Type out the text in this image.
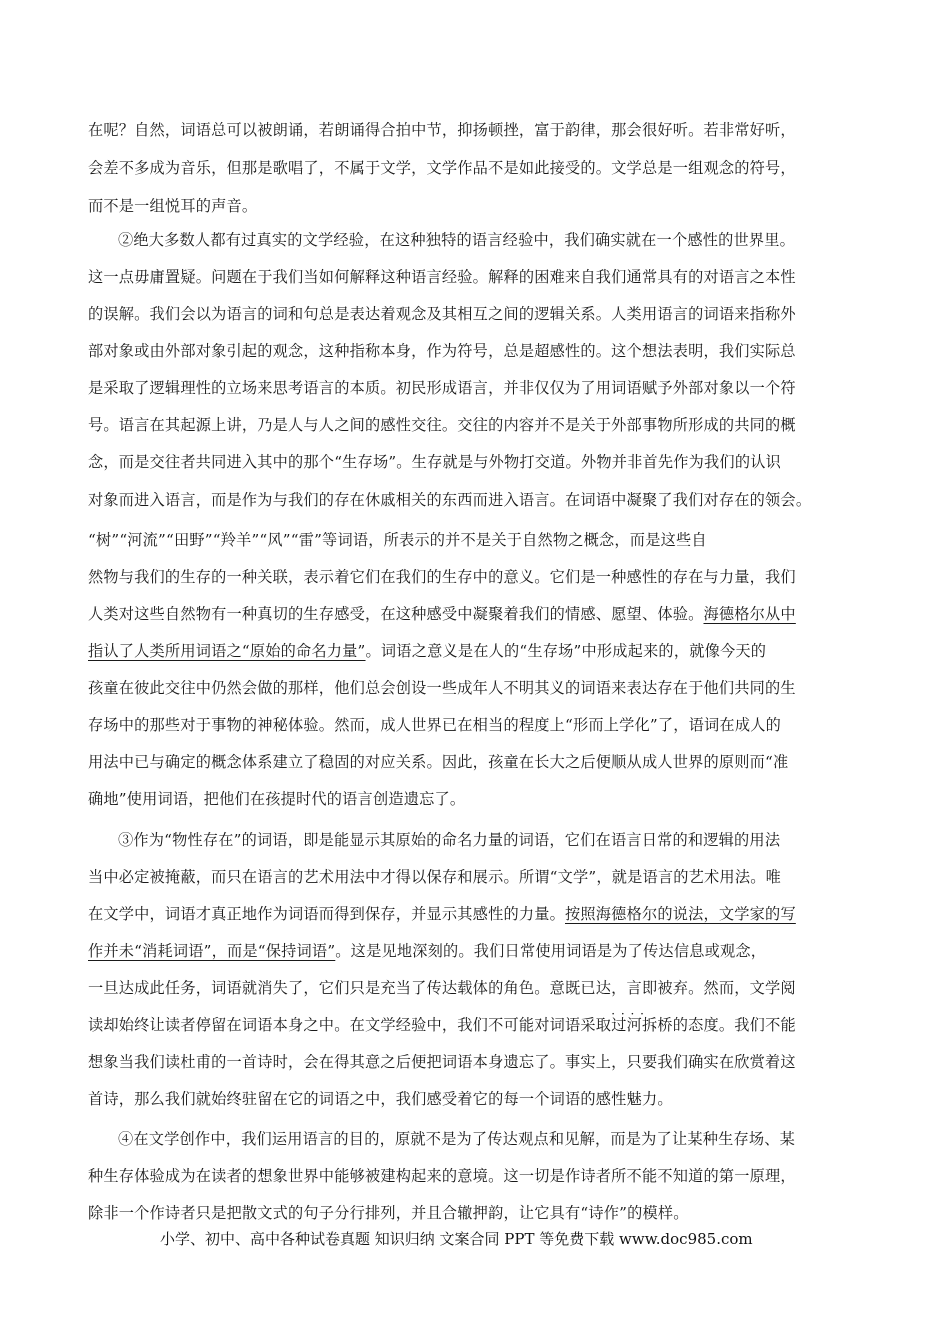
在呢？自然，词语总可以被朗诵，若朗诵得合拍中节，抑扬顿挫，富于韵律，那会很好听。若非常好听，
会差不多成为音乐，但那是歌唱了，不属于文学，文学作品不是如此接受的。文学总是一组观念的符号，
而不是一组悦耳的声音。
②绝大多数人都有过真实的文学经验，在这种独特的语言经验中，我们确实就在一个感性的世界里。
这一点毋庸置疑。问题在于我们当如何解释这种语言经验。解释的困难来自我们通常具有的对语言之本性
的误解。我们会以为语言的词和句总是表达着观念及其相互之间的逻辑关系。人类用语言的词语来指称外
部对象或由外部对象引起的观念，这种指称本身，作为符号，总是超感性的。这个想法表明，我们实际总
是采取了逻辑理性的立场来思考语言的本质。初民形成语言，并非仅仅为了用词语赋予外部对象以一个符
号。语言在其起源上讲，乃是人与人之间的感性交往。交往的内容并不是关于外部事物所形成的共同的概
念，而是交往者共同进入其中的那个“生存场”。生存就是与外物打交道。外物并非首先作为我们的认识
对象而进入语言，而是作为与我们的存在休戚相关的东西而进入语言。在词语中凝聚了我们对存在的领会。
“树”“河流”“田野”“羚羊”“风”“雷”等词语，所表示的并不是关于自然物之概念，而是这些自
然物与我们的生存的一种关联，表示着它们在我们的生存中的意义。它们是一种感性的存在与力量，我们
人类对这些自然物有一种真切的生存感受，在这种感受中凝聚着我们的情感、愿望、体验。海德格尔从中
指认了人类所用词语之“原始的命名力量”。词语之意义是在人的“生存场”中形成起来的，就像今天的
孩童在彼此交往中仍然会做的那样，他们总会创设一些成年人不明其义的词语来表达存在于他们共同的生
存场中的那些对于事物的神秘体验。然而，成人世界已在相当的程度上“形而上学化”了，语词在成人的
用法中已与确定的概念体系建立了稳固的对应关系。因此，孩童在长大之后便顺从成人世界的原则而“准
确地”使用词语，把他们在孩提时代的语言创造遗忘了。
③作为“物性存在”的词语，即是能显示其原始的命名力量的词语，它们在语言日常的和逻辑的用法
当中必定被掩蔽，而只在语言的艺术用法中才得以保存和展示。所谓“文学”，就是语言的艺术用法。唯
在文学中，词语才真正地作为词语而得到保存，并显示其感性的力量。按照海德格尔的说法，文学家的写
作并未“消耗词语”，而是“保持词语”。这是见地深刻的。我们日常使用词语是为了传达信息或观念，
一旦达成此任务，词语就消失了，它们只是充当了传达载体的角色。意既已达，言即被弃。然而，文学阅
读却始终让读者停留在词语本身之中。在文学经验中，我们不可能对词语采取过河拆桥 · · · ·的态度。我们不能
想象当我们读杜甫的一首诗时，会在得其意之后便把词语本身遗忘了。事实上，只要我们确实在欣赏着这
首诗，那么我们就始终驻留在它的词语之中，我们感受着它的每一个词语的感性魅力。
④在文学创作中，我们运用语言的目的，原就不是为了传达观点和见解，而是为了让某种生存场、某
种生存体验成为在读者的想象世界中能够被建构起来的意境。这一切是作诗者所不能不知道的第一原理，
除非一个作诗者只是把散文式的句子分行排列，并且合辙押韵，让它具有“诗作”的模样。
小学、初中、高中各种试卷真题 知识归纳 文案合同 PPT 等免费下载 www.doc985.com
